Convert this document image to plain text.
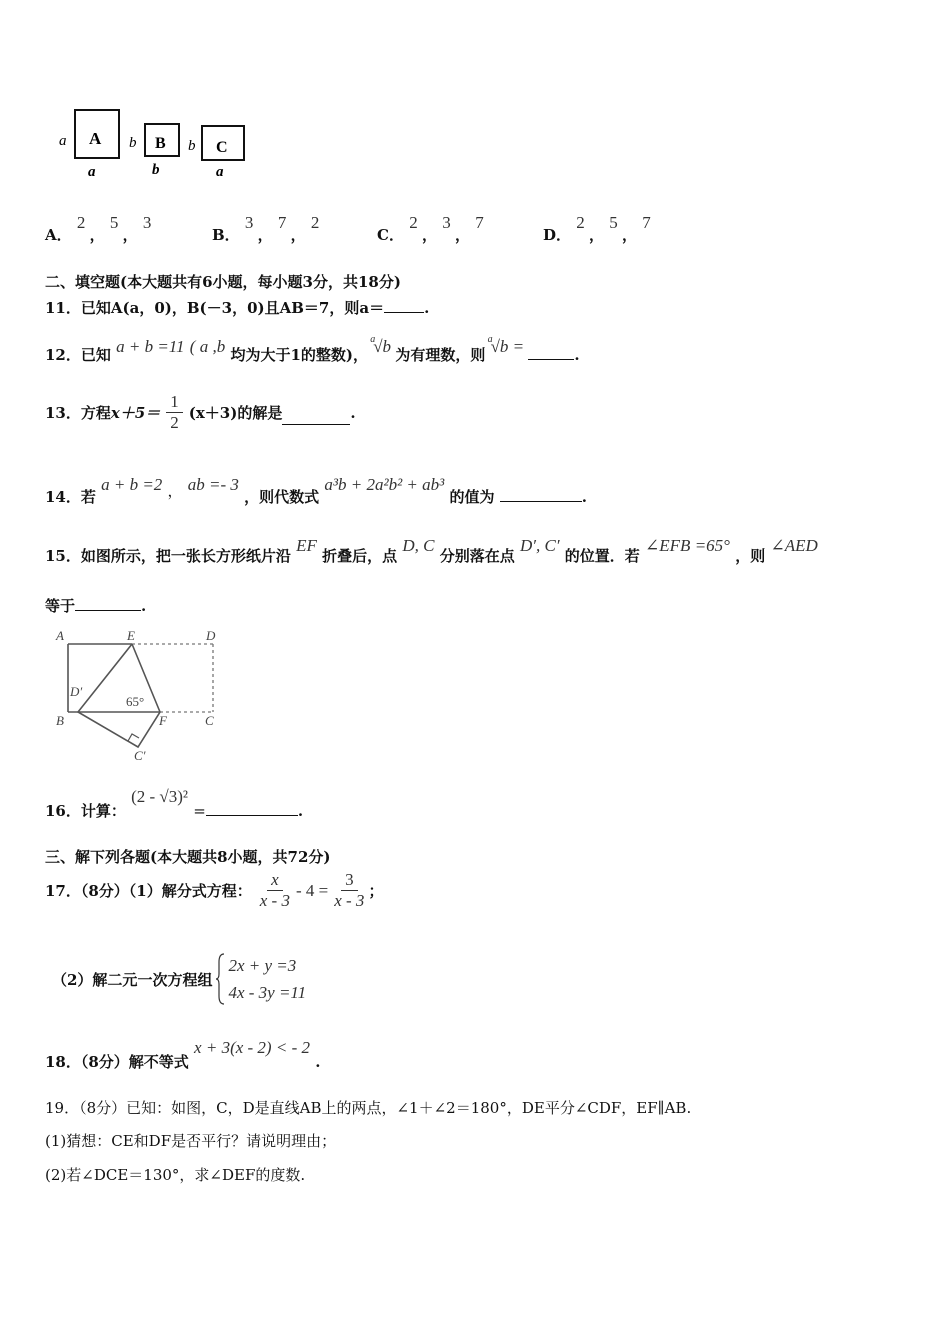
a A
a
b B
b
b C
a
A． 2 ， 5 ， 3
B． 3 ， 7 ， 2
C． 2 ， 3 ， 7
D． 2 ， 5 ， 7
二、填空题(本大题共有6小题，每小题3分，共18分)
11．已知A(a，0)，B(－3，0)且AB＝7，则a＝	.
12．已知 a + b =11 ( a ,b 均为大于1的整数)，
a
√b 为有理数，则
a
√b =	.
13．方程 $x+5= \frac{1}{2} (x+3)$的解是	.
14．若 a + b =2 ， ab =- 3 ，则代数式 a³b + 2a²b² + ab³ 的值为	.
15．如图所示，把一张长方形纸片沿 EF 折叠后，点 D, C 分别落在点 D′, C′ 的位置．若 ∠EFB =65° ，则 ∠AED
等于	.
A	E	D
D′
65°
B	F	C
C′
16．计算： (2 - √3)² =	.
三、解下列各题(本大题共8小题，共72分)
17．（8分）（1）解分式方程： $\frac{x}{x - 3} - 4 = \frac{3}{x - 3}$ ；
（2）解二元一次方程组
2x + y =3
4x - 3y =11
18．（8分）解不等式 x + 3(x - 2) < - 2 .
19．（8分）已知：如图，C，D是直线AB上的两点，∠1＋∠2＝180°，DE平分∠CDF，EF∥AB.
(1)猜想：CE和DF是否平行？请说明理由；
(2)若∠DCE＝130°，求∠DEF的度数.
